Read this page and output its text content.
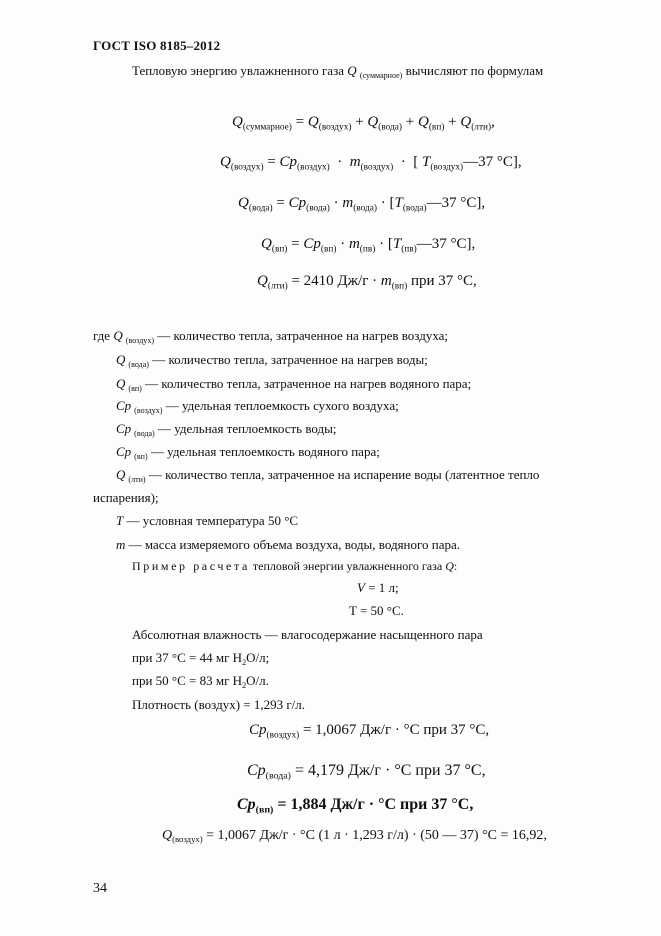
ГОСТ ISO 8185–2012
Тепловую энергию увлажненного газа Q $_{(суммарное)}$ вычисляют по формулам
$Q_{(суммарное)} = Q_{(воздух)} + Q_{(вода)} + Q_{(вп)} + Q_{(лти)}$,
$Q_{(воздух)} = Cp_{(воздух)} \cdot m_{(воздух)}$  ·  [ $T_{(воздух)}—37$ °C],
$Q_{(вода)} = Cp_{(вода)} \cdot m_{(вода)}$ · [$T_{(вода)}—37$ °C],
$Q_{(вп)} = Cp_{(вп)} \cdot m_{(пв)}$ · [$T_{(пв)}—37$ °C],
$Q_{(лти)} = 2410$ $Дж/г \cdot m_{(вп)}$ при 37 °C,
где Q $_{(воздух)}$ — количество тепла, затраченное на нагрев воздуха;
Q $_{(вода)}$ — количество тепла, затраченное на нагрев воды;
Q $_{(вп)}$ — количество тепла, затраченное на нагрев водяного пара;
Cp $_{(воздух)}$ — удельная теплоемкость сухого воздуха;
Cp $_{(вода)}$ — удельная теплоемкость воды;
Cp $_{(вп)}$ — удельная теплоемкость водяного пара;
Q $_{(лти)}$ — количество тепла, затраченное на испарение воды (латентное тепло
испарения);
T — условная температура 50 °C
m — масса измеряемого объема воздуха, воды, водяного пара.
Пример расчета тепловой энергии увлажненного газа Q:
V = 1 л;
T = 50 °C.
Абсолютная влажность — влагосодержание насыщенного пара
при 37 °C = 44 мг $H_2O/л$;
при 50 °C = 83 мг $H_2O/л$.
Плотность (воздух) = 1,293 г/л.
$Cp_{(воздух)} = 1,0067$ Дж/г · °C при 37 °C,
$Cp_{(вода)} = 4,179$ Дж/г · °C при 37 °C,
$Cp_{(вп)} = 1,884$ Дж/г · °C при 37 °C,
$Q_{(воздух)} = 1,0067$ Дж/г · °C (1 л · 1,293 г/л) · (50 — 37) °C = 16,92,
34
